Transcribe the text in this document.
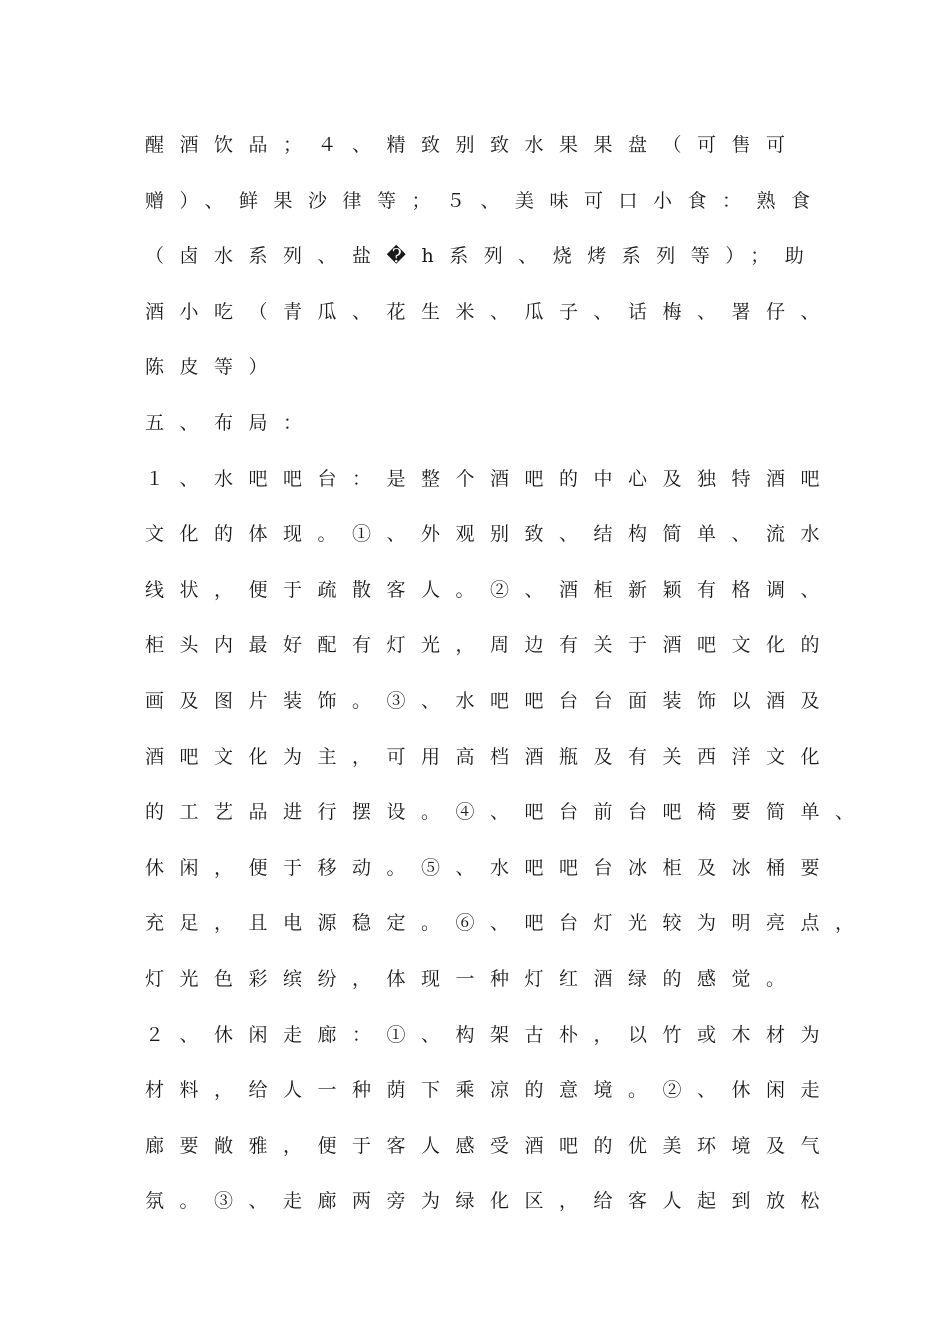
醒酒饮品；４、精致别致水果果盘（可售可

赠）、鲜果沙律等；５、美味可口小食：熟食

（卤水系列、盐�h系列、烧烤系列等）；助

酒小吃（青瓜、花生米、瓜子、话梅、署仔、

陈皮等）

五、布局：

１、水吧吧台：是整个酒吧的中心及独特酒吧

文化的体现。①、外观别致、结构简单、流水

线状，便于疏散客人。②、酒柜新颖有格调、

柜头内最好配有灯光，周边有关于酒吧文化的

画及图片装饰。③、水吧吧台台面装饰以酒及

酒吧文化为主，可用高档酒瓶及有关西洋文化

的工艺品进行摆设。④、吧台前台吧椅要简单、

休闲，便于移动。⑤、水吧吧台冰柜及冰桶要

充足，且电源稳定。⑥、吧台灯光较为明亮点，

灯光色彩缤纷，体现一种灯红酒绿的感觉。

２、休闲走廊：①、构架古朴，以竹或木材为

材料，给人一种荫下乘凉的意境。②、休闲走

廊要敞雅，便于客人感受酒吧的优美环境及气

氛。③、走廊两旁为绿化区，给客人起到放松
